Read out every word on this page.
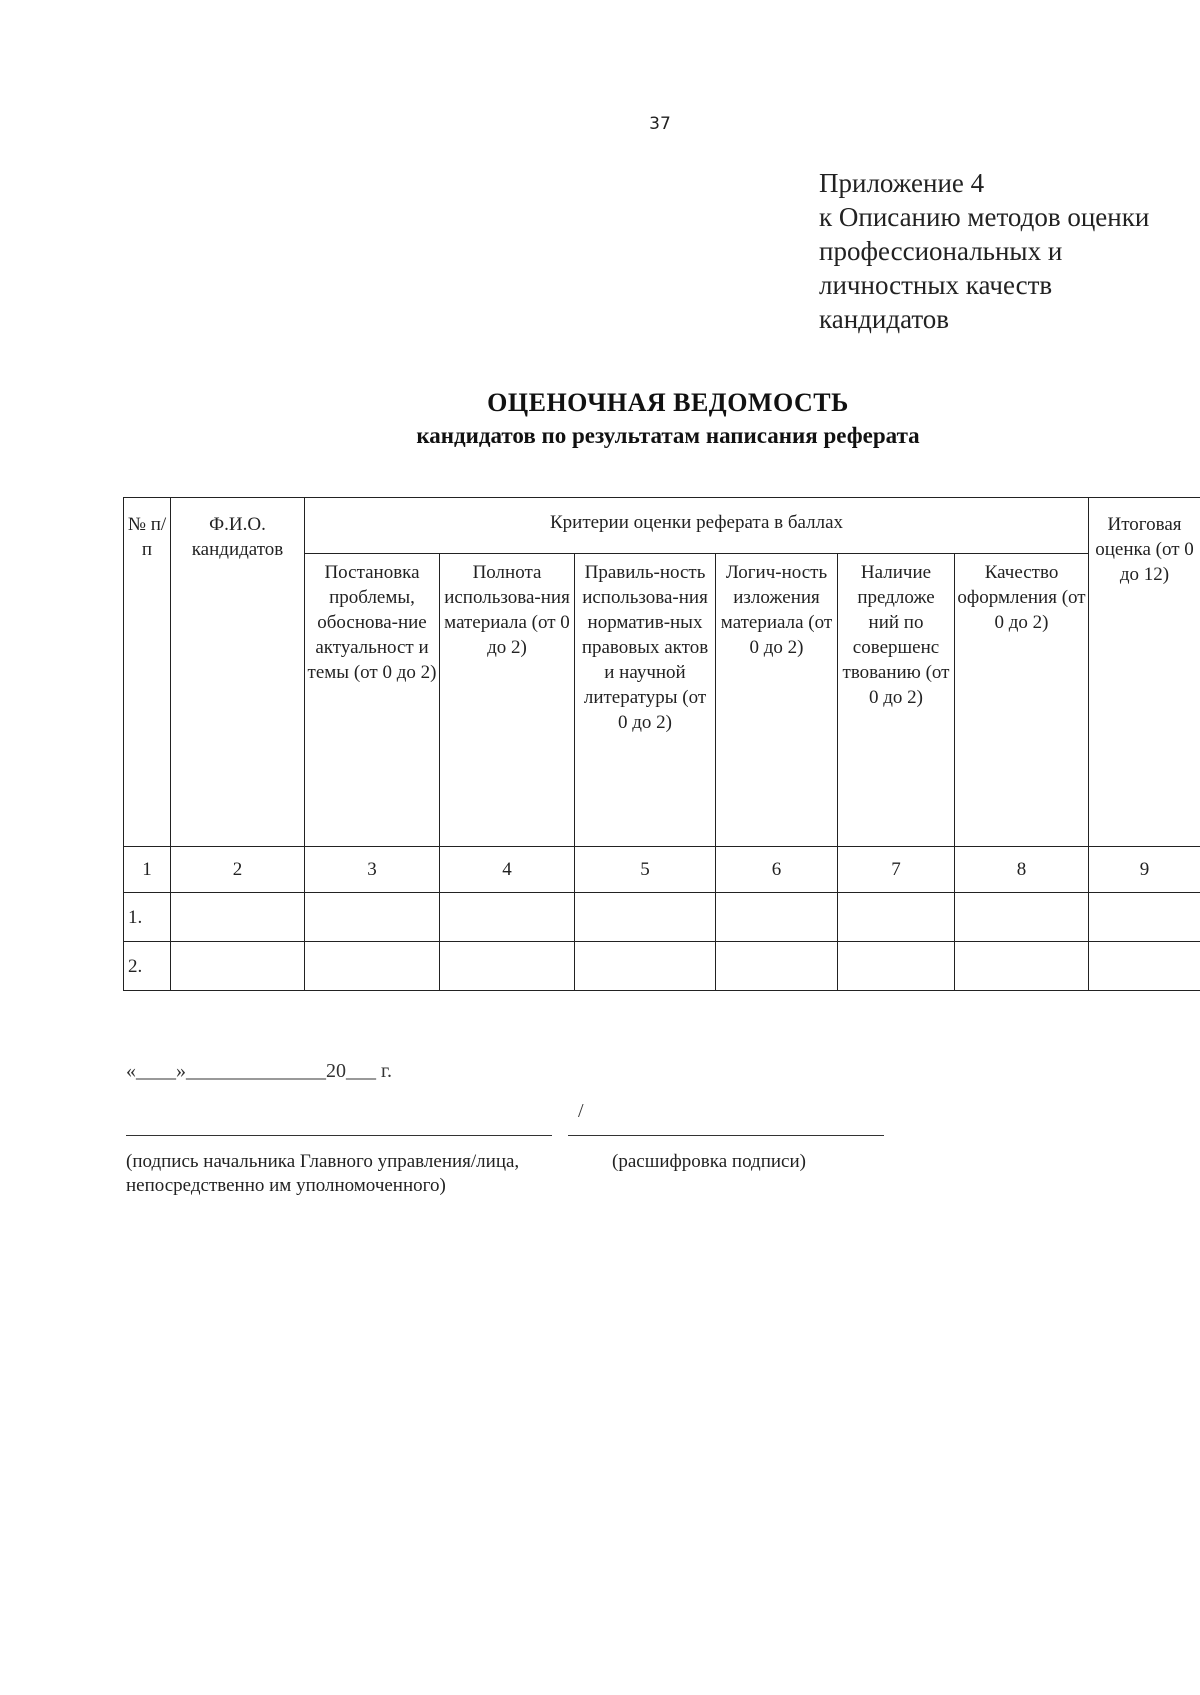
37
Приложение 4
к Описанию методов оценки
профессиональных и
личностных качеств
кандидатов
ОЦЕНОЧНАЯ ВЕДОМОСТЬ
кандидатов по результатам написания реферата
№ п/п	Ф.И.О. кандидатов	Критерии оценки реферата в баллах						Итоговая оценка (от 0 до 12)
		Постановка проблемы, обоснова-ние актуальност и темы (от 0 до 2)	Полнота использова-ния материала (от 0 до 2)	Правиль-ность использова-ния норматив-ных правовых актов и научной литературы (от 0 до 2)	Логич-ность изложения материала (от 0 до 2)	Наличие предложе ний по совершенс твованию (от 0 до 2)	Качество оформления (от 0 до 2)	
1	2	3	4	5	6	7	8	9
1.								
2.								
«____»______________20___ г.
/
(подпись начальника Главного управления/лица, непосредственно им уполномоченного)
(расшифровка подписи)
